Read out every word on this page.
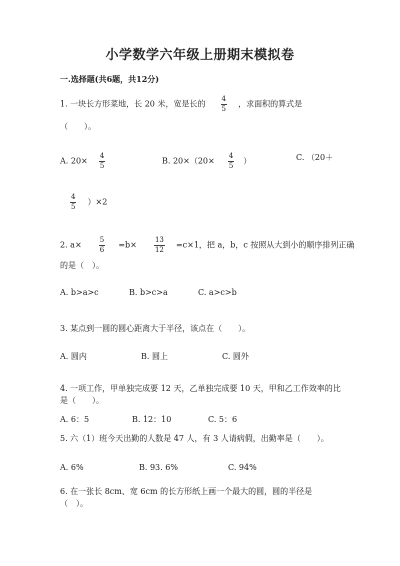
小学数学六年级上册期末模拟卷
一.选择题(共6题，共12分)
1. 一块长方形菜地，长 20 米，宽是长的 $\frac{4}{5}$ ，求面积的算式是
（　　）。
A. $20\times \frac{4}{5}$	B. $20\times(20\times \frac{4}{5}$ ）	C. （20＋
$\frac{4}{5} )\times 2$
2. $a\times \frac{5}{6} =b\times \frac{13}{12} =c\times 1$，把 a，b，c 按照从大到小的顺序排列正确
的是（　）。
A. b>a>c	B. b>c>a	C. a>c>b
3. 某点到一圆的圆心距离大于半径，该点在（　　）。
A. 圆内	B. 圆上	C. 圆外
4. 一项工作，甲单独完成要 12 天，乙单独完成要 10 天，甲和乙工作效率的比
是（　　）。
A. 6：5	B. 12：10	C. 5：6
5. 六（1）班今天出勤的人数是 47 人，有 3 人请病假，出勤率是（　　）。
A. 6%	B. 93. 6%	C. 94%
6. 在一张长 8cm、宽 6cm 的长方形纸上画一个最大的圆，圆的半径是
（　）。
